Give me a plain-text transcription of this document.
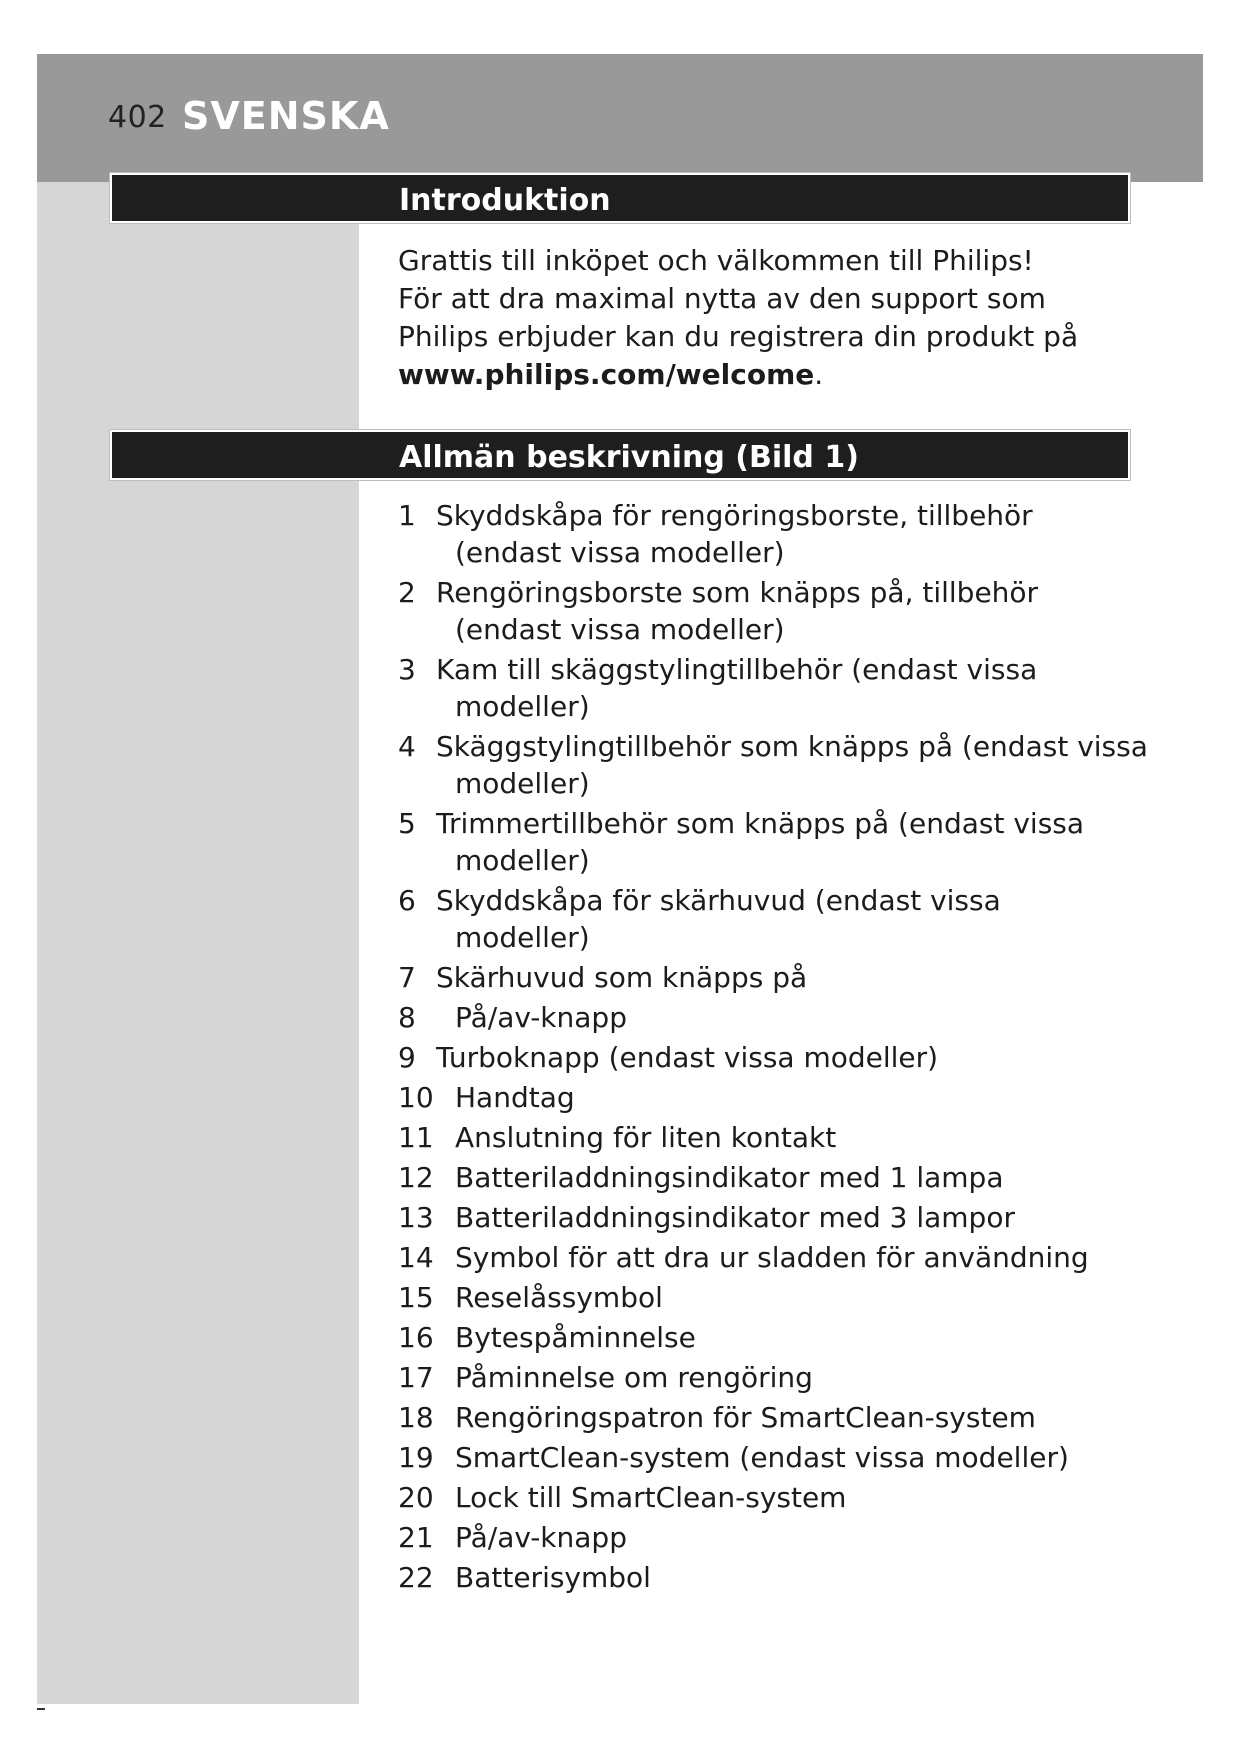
402 SVENSKA
Introduktion
Grattis till inköpet och välkommen till Philips!
För att dra maximal nytta av den support som
Philips erbjuder kan du registrera din produkt på
www.philips.com/welcome.
Allmän beskrivning (Bild 1)
1 Skyddskåpa för rengöringsborste, tillbehör
(endast vissa modeller)
2 Rengöringsborste som knäpps på, tillbehör
(endast vissa modeller)
3 Kam till skäggstylingtillbehör (endast vissa
modeller)
4 Skäggstylingtillbehör som knäpps på (endast vissa
modeller)
5 Trimmertillbehör som knäpps på (endast vissa
modeller)
6 Skyddskåpa för skärhuvud (endast vissa
modeller)
7 Skärhuvud som knäpps på
8	På/av-knapp
9 Turboknapp (endast vissa modeller)
10 Handtag
11 Anslutning för liten kontakt
12 Batteriladdningsindikator med 1 lampa
13 Batteriladdningsindikator med 3 lampor
14 Symbol för att dra ur sladden för användning
15 Reselåssymbol
16 Bytespåminnelse
17 Påminnelse om rengöring
18 Rengöringspatron för SmartClean-system
19 SmartClean-system (endast vissa modeller)
20 Lock till SmartClean-system
21 På/av-knapp
22 Batterisymbol
